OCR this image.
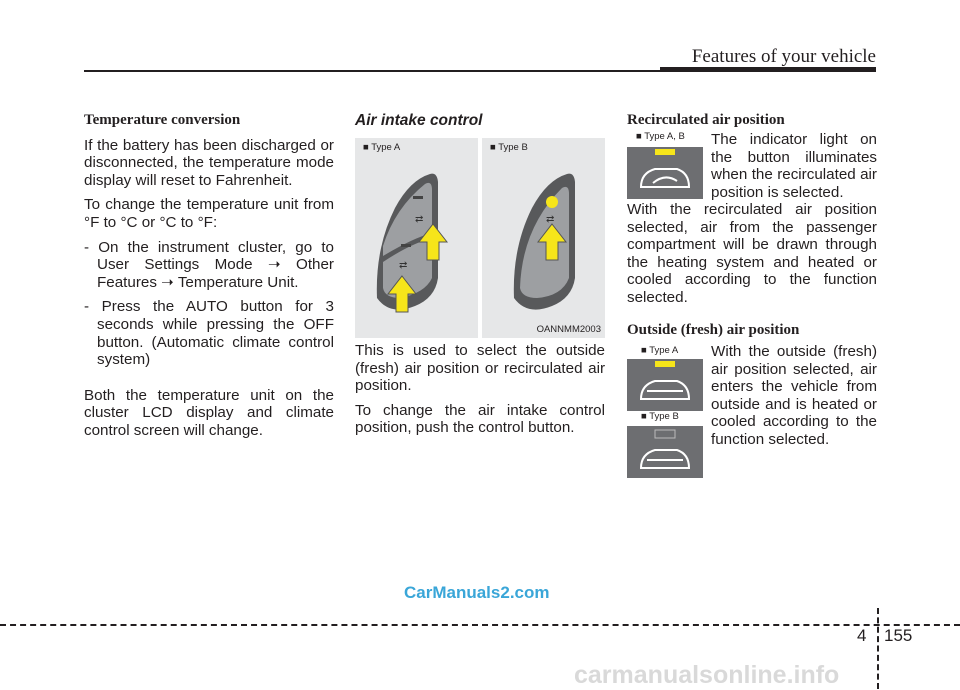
Features of your vehicle
Temperature conversion

If the battery has been discharged or disconnected, the temperature mode display will reset to Fahrenheit.

To change the temperature unit from °F to °C or °C to °F:

- On the instrument cluster, go to User Settings Mode ➝ Other Features ➝ Temperature Unit.

- Press the AUTO button for 3 seconds while pressing the OFF button. (Automatic climate control system)

Both the temperature unit on the cluster LCD display and climate control screen will change.

Air intake control
■ Type A
⇄
⇄
■ Type B
⇄
OANNMM2003

This is used to select the outside (fresh) air position or recirculated air position.

To change the air intake control position, push the control button.

Recirculated air position
■ Type A, B The indicator light on the button illuminates when the recirculated air position is selected.
With the recirculated air position selected, air from the passenger compartment will be drawn through the heating system and heated or cooled according to the function selected.
Outside (fresh) air position
■ Type A
■ Type B
With the outside (fresh) air position selected, air enters the vehicle from outside and is heated or cooled according to the function selected.
CarManuals2.com
4 155
carmanualsonline.info
